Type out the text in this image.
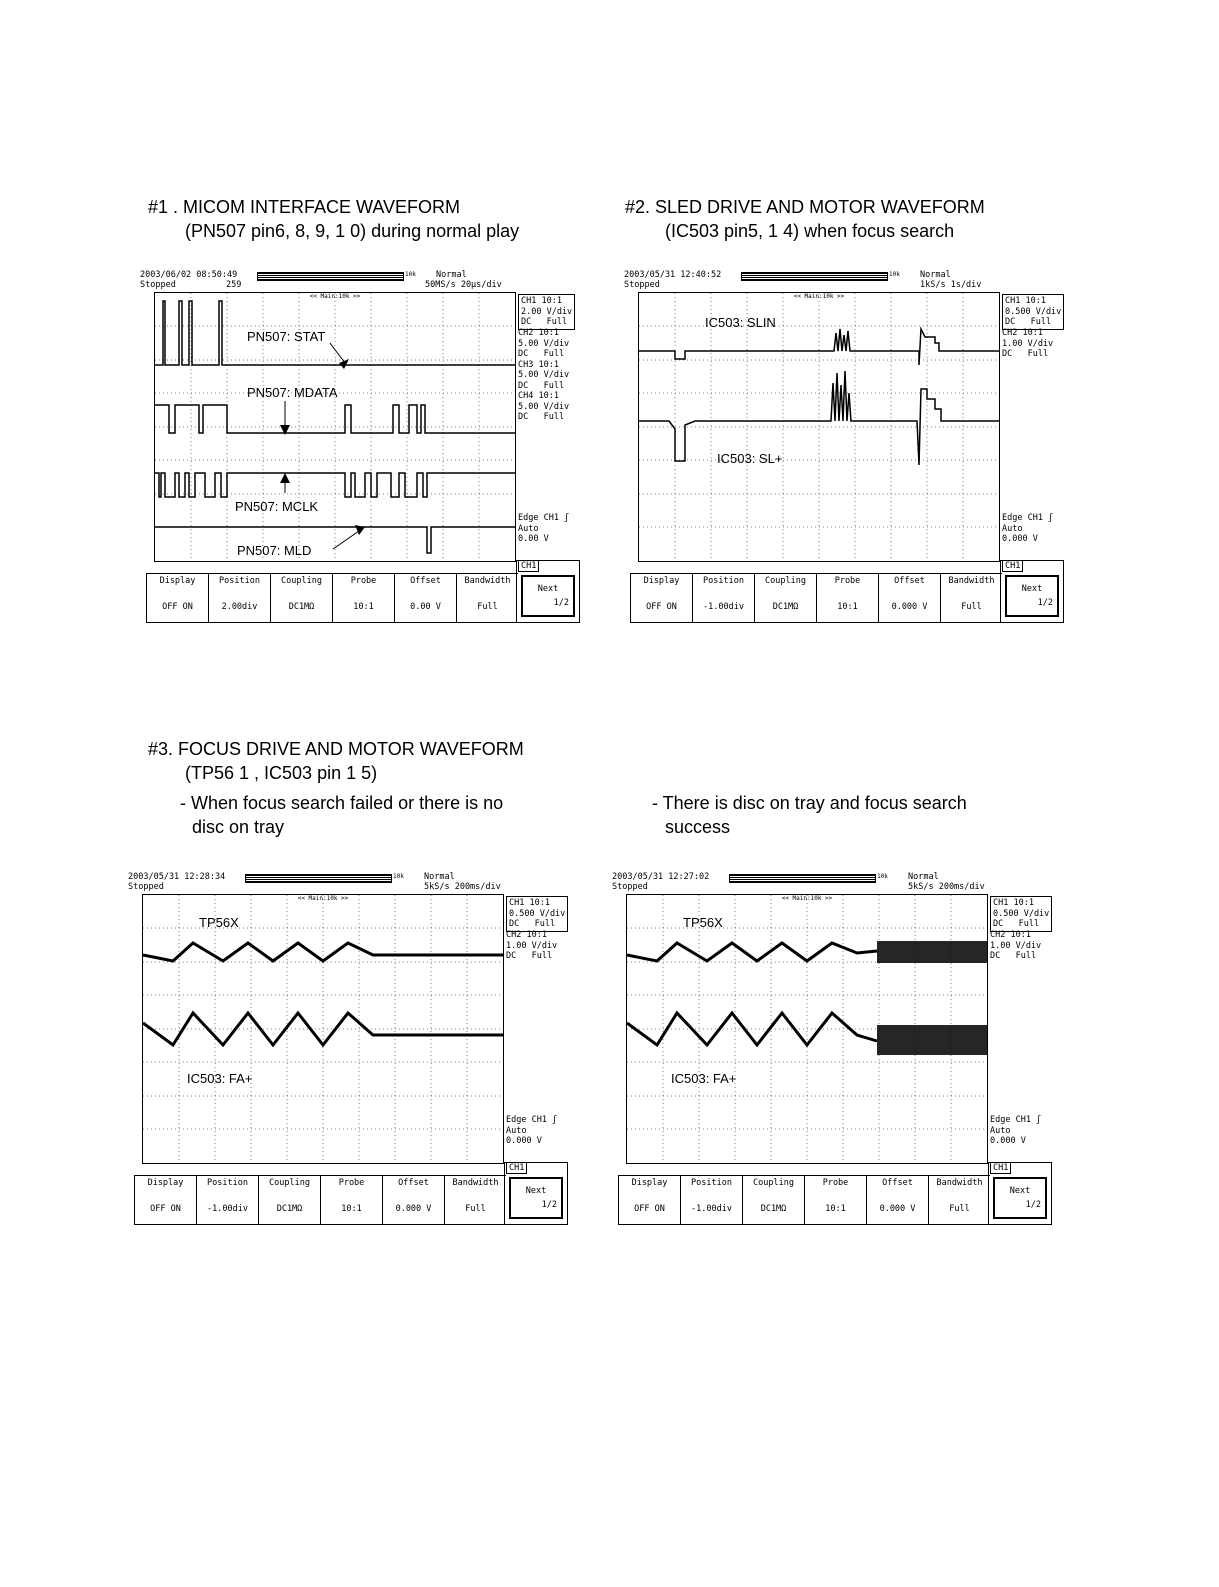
#1 . MICOM INTERFACE WAVEFORM
(PN507 pin6, 8, 9, 1 0) during normal play
#2. SLED DRIVE AND MOTOR WAVEFORM
(IC503 pin5, 1 4) when focus search
#3. FOCUS DRIVE AND MOTOR WAVEFORM
(TP56 1 , IC503 pin 1 5)
- When focus search failed or there is no
disc on tray
- There is disc on tray and focus search
success
2003/06/02 08:50:49
Stopped	259
10k Normal
50MS/s 20μs/div
<< Main:10k >>
PN507: STAT
PN507: MDATA
PN507: MCLK
PN507: MLD
CH1 10:1
2.00 V/div
DC   Full
CH2 10:1
5.00 V/div
DC   Full
CH3 10:1
5.00 V/div
DC   Full
CH4 10:1
5.00 V/div
DC   Full
Edge CH1 ʃ
Auto
0.00 V
Display
OFF ON
Position
2.00div
Coupling
DC1MΩ
Probe
10:1
Offset
0.00 V
Bandwidth
Full
CH1
Next
1/2
2003/05/31 12:40:52
Stopped
10k Normal
1kS/s 1s/div
<< Main:10k >>
IC503: SLIN
IC503: SL+
CH1 10:1
0.500 V/div
DC   Full
CH2 10:1
1.00 V/div
DC   Full
Edge CH1 ʃ
Auto
0.000 V
Display
OFF ON
Position
-1.00div
Coupling
DC1MΩ
Probe
10:1
Offset
0.000 V
Bandwidth
Full
CH1
Next
1/2
2003/05/31 12:28:34
Stopped
10k Normal
5kS/s 200ms/div
<< Main:10k >>
TP56X
IC503: FA+
CH1 10:1
0.500 V/div
DC   Full
CH2 10:1
1.00 V/div
DC   Full
Edge CH1 ʃ
Auto
0.000 V
Display
OFF ON
Position
-1.00div
Coupling
DC1MΩ
Probe
10:1
Offset
0.000 V
Bandwidth
Full
CH1
Next
1/2
2003/05/31 12:27:02
Stopped
10k Normal
5kS/s 200ms/div
<< Main:10k >>
TP56X
IC503: FA+
CH1 10:1
0.500 V/div
DC   Full
CH2 10:1
1.00 V/div
DC   Full
Edge CH1 ʃ
Auto
0.000 V
Display
OFF ON
Position
-1.00div
Coupling
DC1MΩ
Probe
10:1
Offset
0.000 V
Bandwidth
Full
CH1
Next
1/2
